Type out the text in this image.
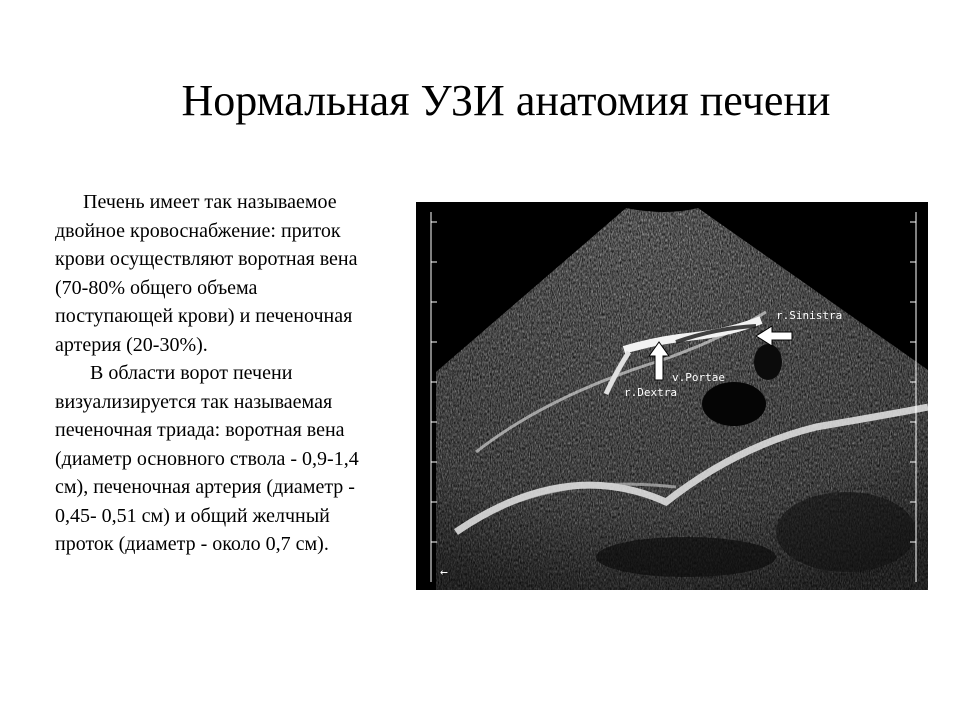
Нормальная УЗИ анатомия печени

Печень имеет так называемое двойное кровоснабжение: приток крови осуществляют воротная вена (70-80% общего объема поступающей крови) и печеночная артерия (20-30%).

В области ворот печени визуализируется так называемая печеночная триада: воротная вена (диаметр основного ствола - 0,9-1,4 см), печеночная артерия (диаметр - 0,45- 0,51 см) и общий желчный проток (диаметр - около 0,7 см).

r.Sinistra
v.Portae
r.Dextra
←
